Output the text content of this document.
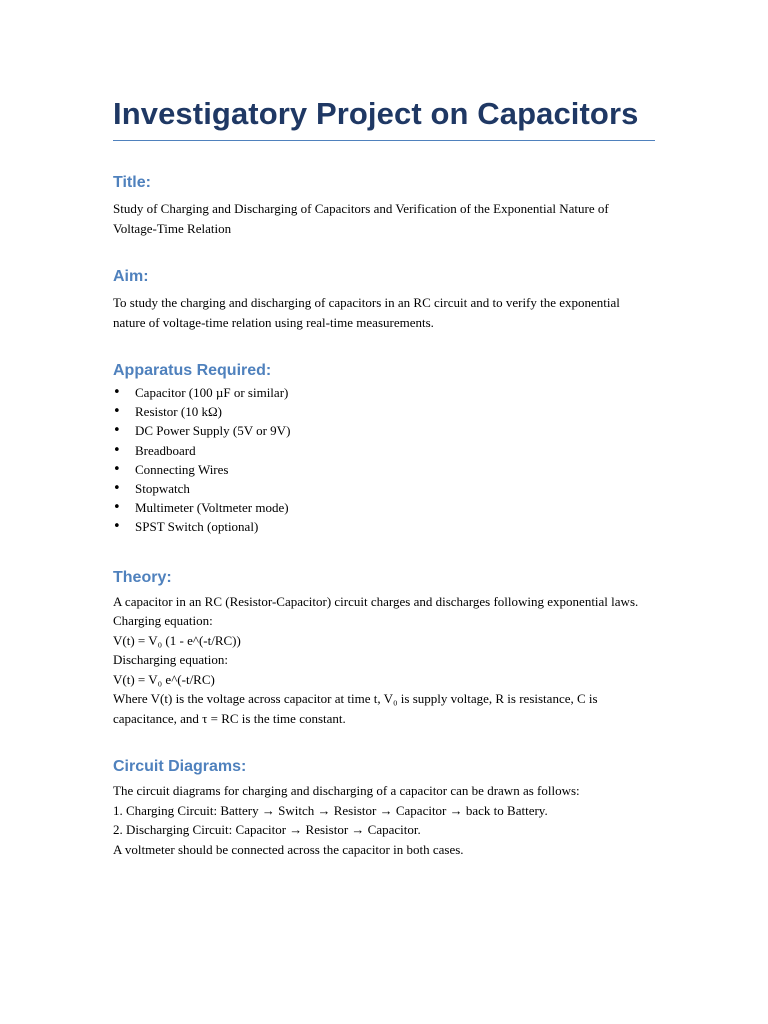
Investigatory Project on Capacitors
Title:

Study of Charging and Discharging of Capacitors and Verification of the Exponential Nature of Voltage-Time Relation

Aim:

To study the charging and discharging of capacitors in an RC circuit and to verify the exponential nature of voltage-time relation using real-time measurements.

Apparatus Required:
• Capacitor (100 µF or similar)
• Resistor (10 kΩ)
• DC Power Supply (5V or 9V)
• Breadboard
• Connecting Wires
• Stopwatch
• Multimeter (Voltmeter mode)
• SPST Switch (optional)
Theory:

A capacitor in an RC (Resistor-Capacitor) circuit charges and discharges following exponential laws.

Charging equation:

V(t) = V₀ (1 - e^(-t/RC))

Discharging equation:

V(t) = V₀ e^(-t/RC)

Where V(t) is the voltage across capacitor at time t, V₀ is supply voltage, R is resistance, C is capacitance, and τ = RC is the time constant.

Circuit Diagrams:

The circuit diagrams for charging and discharging of a capacitor can be drawn as follows:

1. Charging Circuit: Battery → Switch → Resistor → Capacitor → back to Battery.

2. Discharging Circuit: Capacitor → Resistor → Capacitor.

A voltmeter should be connected across the capacitor in both cases.
